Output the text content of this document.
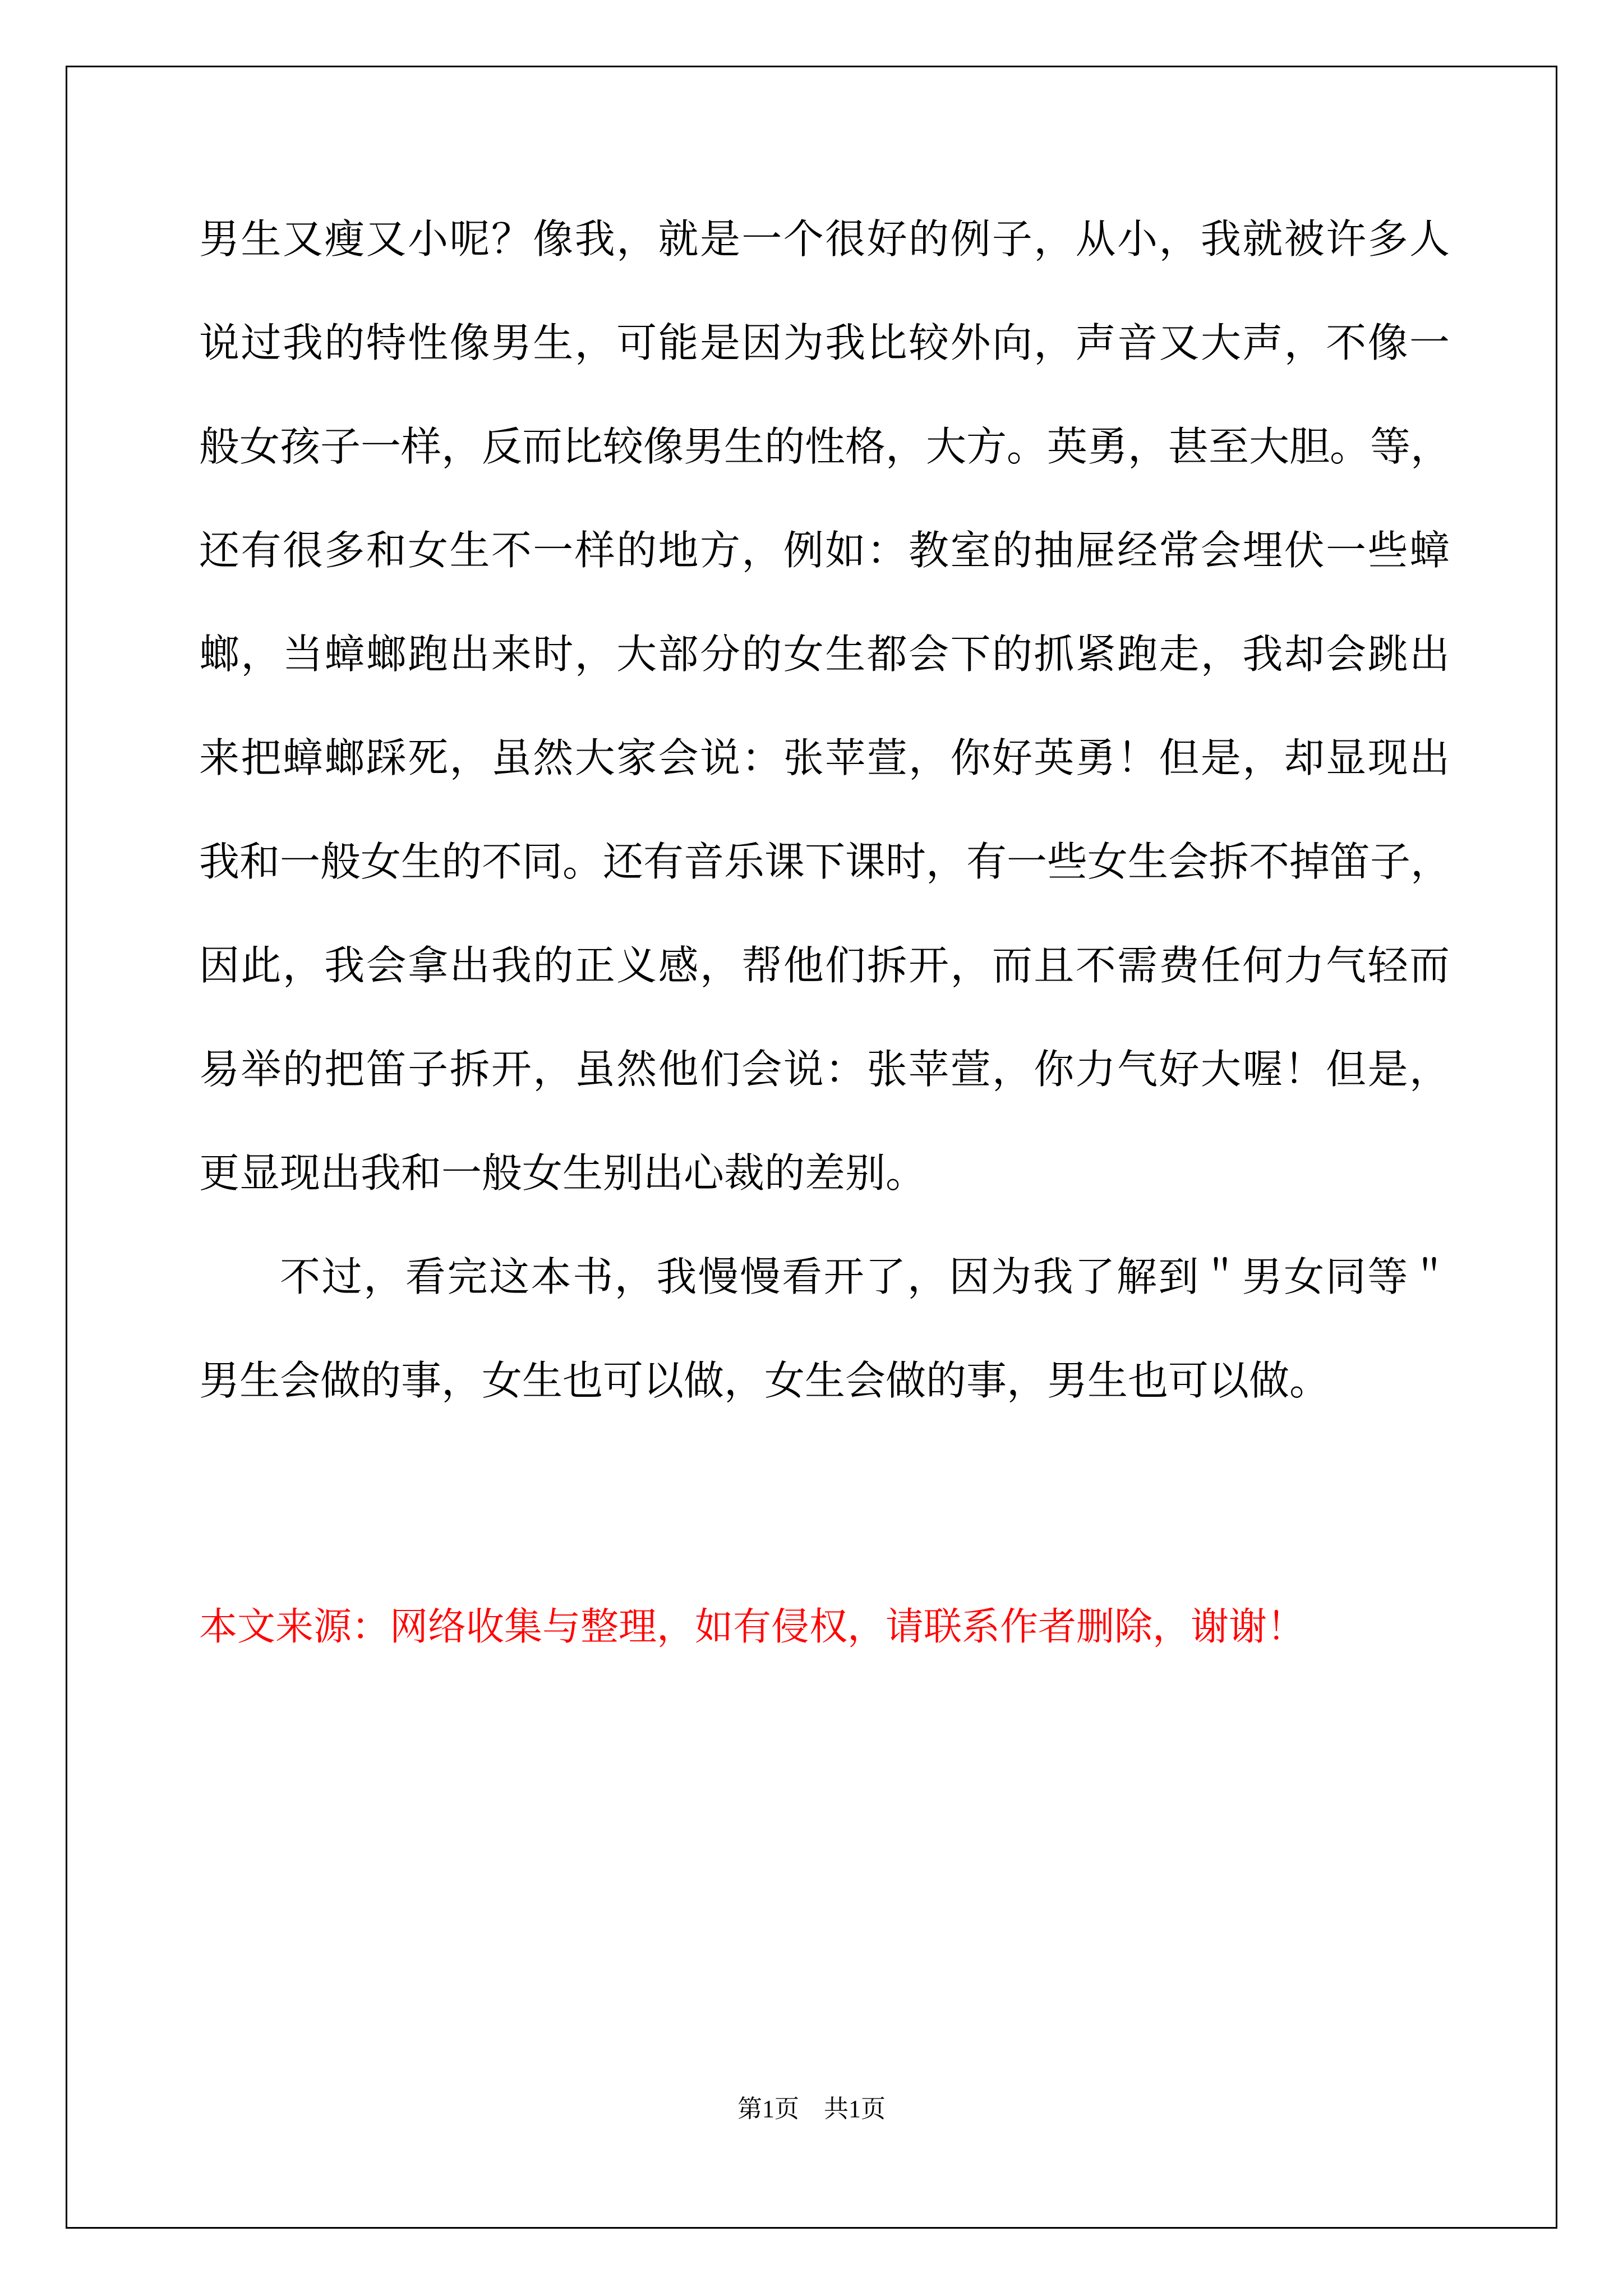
男生又瘦又小呢？像我，就是一个很好的例子，从小，我就被许多人
说过我的特性像男生，可能是因为我比较外向，声音又大声，不像一
般女孩子一样，反而比较像男生的性格，大方。英勇，甚至大胆。等，
还有很多和女生不一样的地方，例如：教室的抽屉经常会埋伏一些蟑
螂，当蟑螂跑出来时，大部分的女生都会下的抓紧跑走，我却会跳出
来把蟑螂踩死，虽然大家会说：张苹萱，你好英勇！但是，却显现出
我和一般女生的不同。还有音乐课下课时，有一些女生会拆不掉笛子，
因此，我会拿出我的正义感，帮他们拆开，而且不需费任何力气轻而
易举的把笛子拆开，虽然他们会说：张苹萱，你力气好大喔！但是，
更显现出我和一般女生别出心裁的差别。
不过，看完这本书，我慢慢看开了，因为我了解到＂男女同等＂
男生会做的事，女生也可以做，女生会做的事，男生也可以做。
本文来源：网络收集与整理，如有侵权，请联系作者删除，谢谢！
第1页　共1页
